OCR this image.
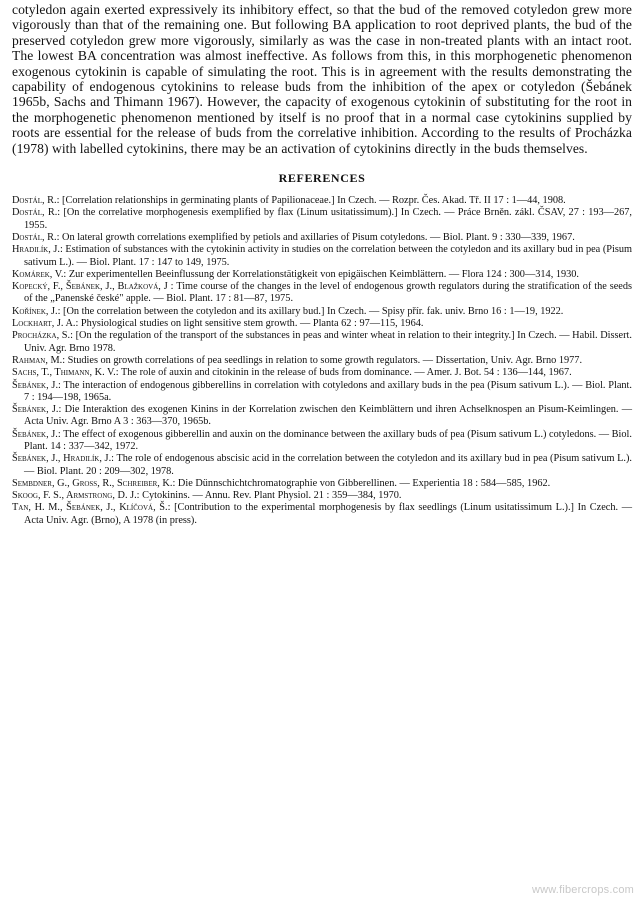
cotyledon again exerted expressively its inhibitory effect, so that the bud of the removed cotyledon grew more vigorously than that of the remaining one. But following BA application to root deprived plants, the bud of the preserved cotyledon grew more vigorously, similarly as was the case in non-treated plants with an intact root. The lowest BA concentration was almost ineffective. As follows from this, in this morphogenetic phenomenon exogenous cytokinin is capable of simulating the root. This is in agreement with the results demonstrating the capability of endogenous cytokinins to release buds from the inhibition of the apex or cotyledon (Šebánek 1965b, Sachs and Thimann 1967). However, the capacity of exogenous cytokinin of substituting for the root in the morphogenetic phenomenon mentioned by itself is no proof that in a normal case cytokinins supplied by roots are essential for the release of buds from the correlative inhibition. According to the results of Procházka (1978) with labelled cytokinins, there may be an activation of cytokinins directly in the buds themselves.

REFERENCES
Dostál, R.: [Correlation relationships in germinating plants of Papilionaceae.] In Czech. — Rozpr. Čes. Akad. Tř. II 17 : 1—44, 1908.
Dostál, R.: [On the correlative morphogenesis exemplified by flax (Linum usitatissimum).] In Czech. — Práce Brněn. zákl. ČSAV, 27 : 193—267, 1955.
Dostál, R.: On lateral growth correlations exemplified by petiols and axillaries of Pisum cotyledons. — Biol. Plant. 9 : 330—339, 1967.
Hradilík, J.: Estimation of substances with the cytokinin activity in studies on the correlation between the cotyledon and its axillary bud in pea (Pisum sativum L.). — Biol. Plant. 17 : 147 to 149, 1975.
Komárek, V.: Zur experimentellen Beeinflussung der Korrelationstätigkeit von epigäischen Keimblättern. — Flora 124 : 300—314, 1930.
Kopecký, F., Šebánek, J., Blažková, J : Time course of the changes in the level of endogenous growth regulators during the stratification of the seeds of the „Panenské české" apple. — Biol. Plant. 17 : 81—87, 1975.
Kořínek, J.: [On the correlation between the cotyledon and its axillary bud.] In Czech. — Spisy přír. fak. univ. Brno 16 : 1—19, 1922.
Lockhart, J. A.: Physiological studies on light sensitive stem growth. — Planta 62 : 97—115, 1964.
Procházka, S.: [On the regulation of the transport of the substances in peas and winter wheat in relation to their integrity.] In Czech. — Habil. Dissert. Univ. Agr. Brno 1978.
Rahman, M.: Studies on growth correlations of pea seedlings in relation to some growth regulators. — Dissertation, Univ. Agr. Brno 1977.
Sachs, T., Thimann, K. V.: The role of auxin and citokinin in the release of buds from dominance. — Amer. J. Bot. 54 : 136—144, 1967.
Šebánek, J.: The interaction of endogenous gibberellins in correlation with cotyledons and axillary buds in the pea (Pisum sativum L.). — Biol. Plant. 7 : 194—198, 1965a.
Šebánek, J.: Die Interaktion des exogenen Kinins in der Korrelation zwischen den Keimblättern und ihren Achselknospen an Pisum-Keimlingen. — Acta Univ. Agr. Brno A 3 : 363—370, 1965b.
Šebánek, J.: The effect of exogenous gibberellin and auxin on the dominance between the axillary buds of pea (Pisum sativum L.) cotyledons. — Biol. Plant. 14 : 337—342, 1972.
Šebánek, J., Hradilík, J.: The role of endogenous abscisic acid in the correlation between the cotyledon and its axillary bud in pea (Pisum sativum L.). — Biol. Plant. 20 : 209—302, 1978.
Sembdner, G., Gross, R., Schreiber, K.: Die Dünnschichtchromatographie von Gibberellinen. — Experientia 18 : 584—585, 1962.
Skoog, F. S., Armstrong, D. J.: Cytokinins. — Annu. Rev. Plant Physiol. 21 : 359—384, 1970.
Tan, H. M., Šebánek, J., Klíčová, Š.: [Contribution to the experimental morphogenesis by flax seedlings (Linum usitatissimum L.).] In Czech. — Acta Univ. Agr. (Brno), A 1978 (in press).
www.fibercrops.com
